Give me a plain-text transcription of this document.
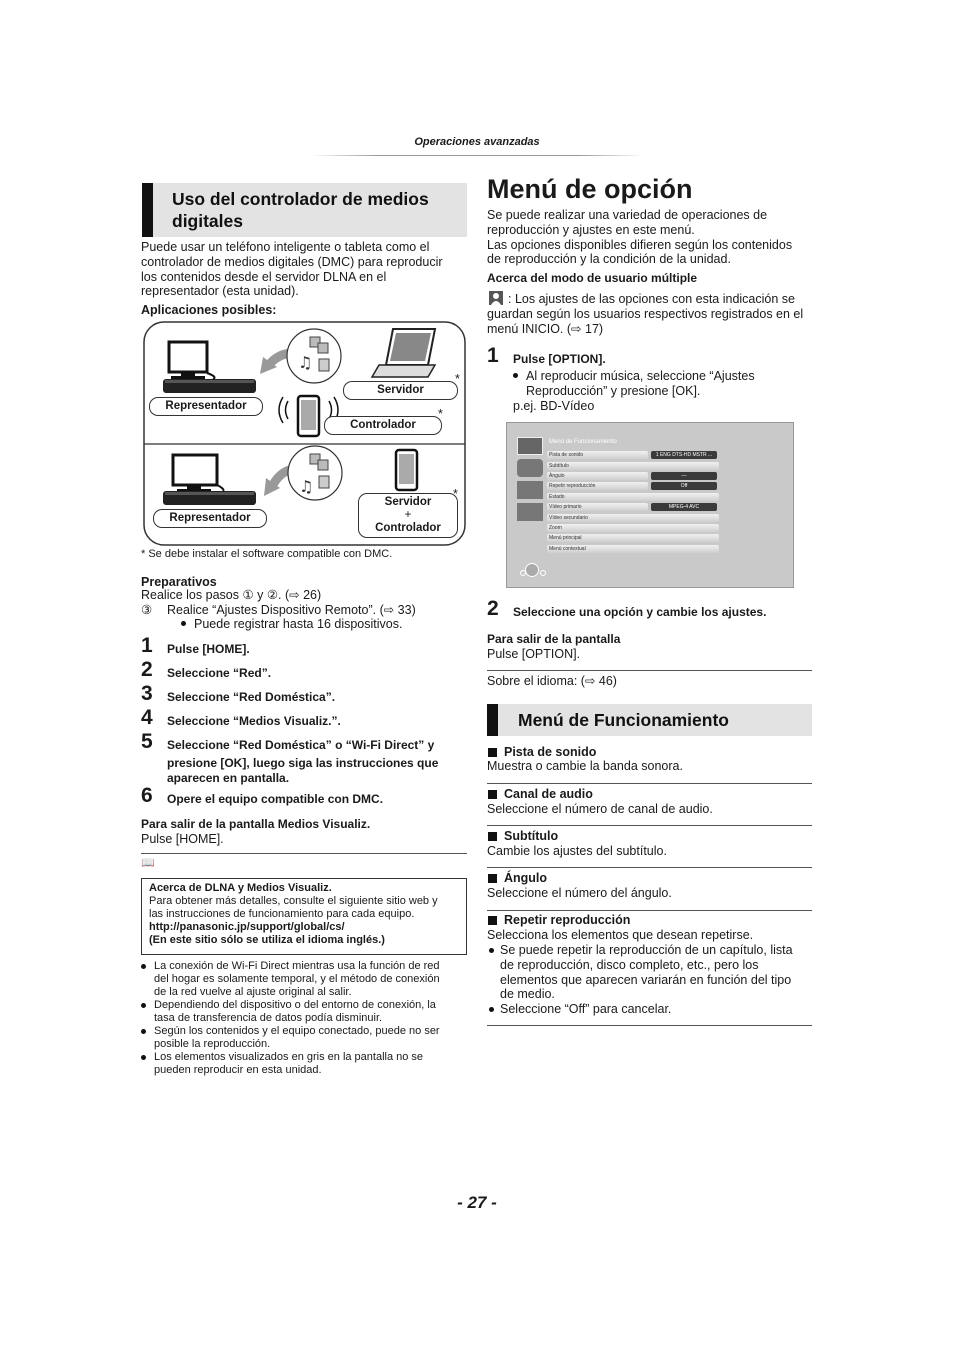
Operaciones avanzadas
Uso del controlador de medios
digitales

Puede usar un teléfono inteligente o tableta como el

controlador de medios digitales (DMC) para reproducir

los contenidos desde el servidor DLNA en el

representador (esta unidad).

Aplicaciones posibles:

♫
♫
Representador
Servidor
Controlador
*
*
Representador
Servidor
+
Controlador
*

* Se debe instalar el software compatible con DMC.

Preparativos

Realice los pasos ① y ②. (⇨ 26)

③ Realice “Ajustes Dispositivo Remoto”. (⇨ 33)

Puede registrar hasta 16 dispositivos.

1 Pulse [HOME].
2 Seleccione “Red”.
3 Seleccione “Red Doméstica”.
4 Seleccione “Medios Visualiz.”.
5 Seleccione “Red Doméstica” o “Wi-Fi Direct” y
presione [OK], luego siga las instrucciones que
aparecen en pantalla.
6 Opere el equipo compatible con DMC.

Para salir de la pantalla Medios Visualiz.

Pulse [HOME].

📖

Acerca de DLNA y Medios Visualiz.

Para obtener más detalles, consulte el siguiente sitio web y

las instrucciones de funcionamiento para cada equipo.

http://panasonic.jp/support/global/cs/

(En este sitio sólo se utiliza el idioma inglés.)

La conexión de Wi-Fi Direct mientras usa la función de red

del hogar es solamente temporal, y el método de conexión

de la red vuelve al ajuste original al salir.

Dependiendo del dispositivo o del entorno de conexión, la

tasa de transferencia de datos podía disminuir.

Según los contenidos y el equipo conectado, puede no ser

posible la reproducción.

Los elementos visualizados en gris en la pantalla no se

pueden reproducir en esta unidad.

Menú de opción

Se puede realizar una variedad de operaciones de

reproducción y ajustes en este menú.

Las opciones disponibles difieren según los contenidos

de reproducción y la condición de la unidad.

Acerca del modo de usuario múltiple

: Los ajustes de las opciones con esta indicación se

guardan según los usuarios respectivos registrados en el

menú INICIO. (⇨ 17)

1 Pulse [OPTION].

Al reproducir música, seleccione “Ajustes

Reproducción” y presione [OK].

p.ej. BD-Vídeo

Menú de Funcionamiento
Pista de sonido	1 ENG DTS-HD MSTR ...
Subtítulo
Ángulo	—
Repetir reproducción	Off
Estado
Vídeo primario	MPEG-4 AVC
Vídeo secundario
Zoom
Menú principal
Menú contextual
2 Seleccione una opción y cambie los ajustes.

Para salir de la pantalla

Pulse [OPTION].

Sobre el idioma: (⇨ 46)

Menú de Funcionamiento

Pista de sonido

Muestra o cambie la banda sonora.

Canal de audio

Seleccione el número de canal de audio.

Subtítulo

Cambie los ajustes del subtítulo.

Ángulo

Seleccione el número del ángulo.

Repetir reproducción

Selecciona los elementos que desean repetirse.

Se puede repetir la reproducción de un capítulo, lista

de reproducción, disco completo, etc., pero los

elementos que aparecen variarán en función del tipo

de medio.

Seleccione “Off” para cancelar.

- 27 -
